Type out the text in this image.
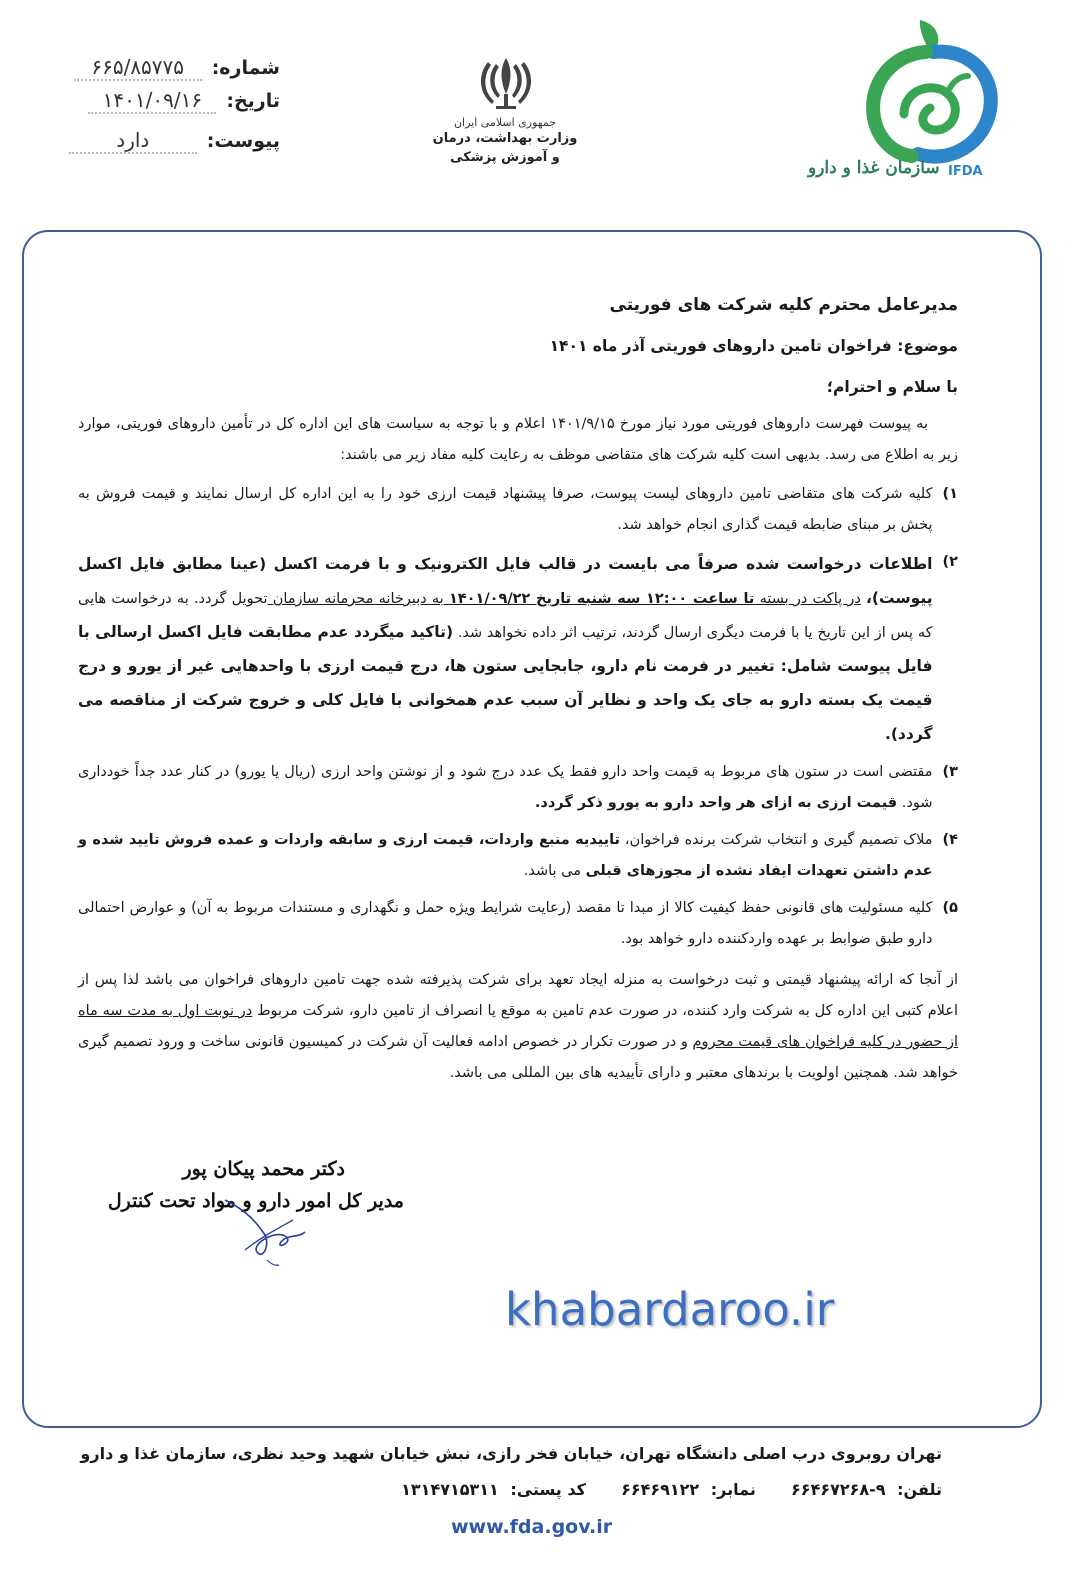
شماره:
۶۶۵/۸۵۷۷۵
تاریخ:
۱۴۰۱/۰۹/۱۶
پیوست:
دارد
جمهوری اسلامی ایران
وزارت بهداشت، درمان
و آموزش پزشکی
سازمان غذا و دارو IFDA

مدیرعامل محترم کلیه شرکت های فوریتی

موضوع: فراخوان تامین داروهای فوریتی آذر ماه ۱۴۰۱

با سلام و احترام؛

به پیوست فهرست داروهای فوریتی مورد نیاز مورخ ۱۴۰۱/۹/۱۵ اعلام و با توجه به سیاست های این اداره کل در تأمین داروهای فوریتی، موارد زیر به اطلاع می رسد. بدیهی است کلیه شرکت های متقاضی موظف به رعایت کلیه مفاد زیر می باشند:

۱)
کلیه شرکت های متقاضی تامین داروهای لیست پیوست، صرفا پیشنهاد قیمت ارزی خود را به این اداره کل ارسال نمایند و قیمت فروش به پخش بر مبنای ضابطه قیمت گذاری انجام خواهد شد.
۲)
اطلاعات درخواست شده صرفاً می بایست در قالب فایل الکترونیک و با فرمت اکسل (عینا مطابق فایل اکسل پیوست)، در پاکت در بسته تا ساعت ۱۲:۰۰ سه شنبه تاریخ ۱۴۰۱/۰۹/۲۲ به دبیرخانه محرمانه سازمان تحویل گردد. به درخواست هایی که پس از این تاریخ یا با فرمت دیگری ارسال گردند، ترتیب اثر داده نخواهد شد. (تاکید میگردد عدم مطابقت فایل اکسل ارسالی با فایل پیوست شامل: تغییر در فرمت نام دارو، جابجایی ستون ها، درج قیمت ارزی با واحدهایی غیر از یورو و درج قیمت یک بسته دارو به جای یک واحد و نظایر آن سبب عدم همخوانی با فایل کلی و خروج شرکت از مناقصه می گردد).
۳)
مقتضی است در ستون های مربوط به قیمت واحد دارو فقط یک عدد درج شود و از نوشتن واحد ارزی (ریال یا یورو) در کنار عدد جداً خودداری شود. قیمت ارزی به ازای هر واحد دارو به یورو ذکر گردد.
۴)
ملاک تصمیم گیری و انتخاب شرکت برنده فراخوان، تاییدیه منبع واردات، قیمت ارزی و سابقه واردات و عمده فروش تایید شده و عدم داشتن تعهدات ایفاد نشده از مجوزهای قبلی می باشد.
۵)
کلیه مسئولیت های قانونی حفظ کیفیت کالا از مبدا تا مقصد (رعایت شرایط ویژه حمل و نگهداری و مستندات مربوط به آن) و عوارض احتمالی دارو طبق ضوابط بر عهده واردکننده دارو خواهد بود.

از آنجا که ارائه پیشنهاد قیمتی و ثبت درخواست به منزله ایجاد تعهد برای شرکت پذیرفته شده جهت تامین داروهای فراخوان می باشد لذا پس از اعلام کتبی این اداره کل به شرکت وارد کننده، در صورت عدم تامین به موقع یا انصراف از تامین دارو، شرکت مربوط در نوبت اول به مدت سه ماه از حضور در کلیه فراخوان های قیمت محروم و در صورت تکرار در خصوص ادامه فعالیت آن شرکت در کمیسیون قانونی ساخت و ورود تصمیم گیری خواهد شد. همچنین اولویت با برندهای معتبر و دارای تأییدیه های بین المللی می باشد.

دکتر محمد پیکان پور
مدیر کل امور دارو و مواد تحت کنترل
khabardaroo.ir
تهران روبروی درب اصلی دانشگاه تهران، خیابان فخر رازی، نبش خیابان شهید وحید نظری، سازمان غذا و دارو
تلفن: ۹-۶۶۴۶۷۲۶۸  نمابر: ۶۶۴۶۹۱۲۲  کد پستی: ۱۳۱۴۷۱۵۳۱۱
www.fda.gov.ir
